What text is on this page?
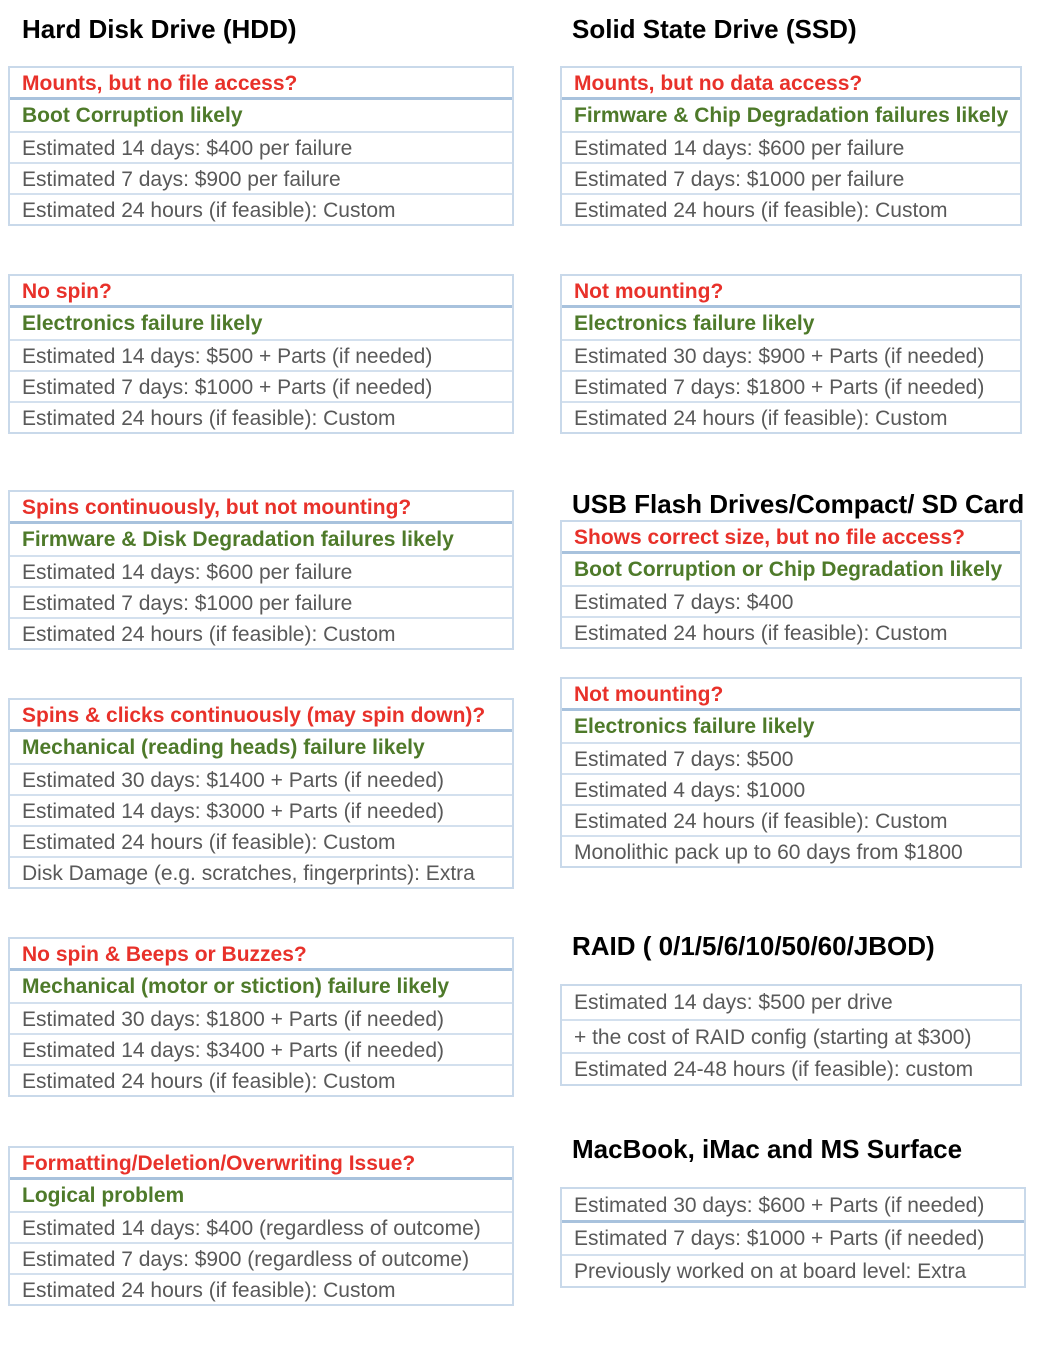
Hard Disk Drive (HDD)
Mounts, but no file access?
Boot Corruption likely
Estimated 14 days: $400 per failure
Estimated 7 days: $900 per failure
Estimated 24 hours (if feasible): Custom
No spin?
Electronics failure likely
Estimated 14 days: $500 + Parts (if needed)
Estimated 7 days: $1000 + Parts (if needed)
Estimated 24 hours (if feasible): Custom
Spins continuously, but not mounting?
Firmware & Disk Degradation failures likely
Estimated 14 days: $600 per failure
Estimated 7 days: $1000 per failure
Estimated 24 hours (if feasible): Custom
Spins & clicks continuously (may spin down)?
Mechanical (reading heads) failure likely
Estimated 30 days: $1400 + Parts (if needed)
Estimated 14 days: $3000 + Parts (if needed)
Estimated 24 hours (if feasible): Custom
Disk Damage (e.g. scratches, fingerprints): Extra
No spin & Beeps or Buzzes?
Mechanical (motor or stiction) failure likely
Estimated 30 days: $1800 + Parts (if needed)
Estimated 14 days: $3400 + Parts (if needed)
Estimated 24 hours (if feasible): Custom
Formatting/Deletion/Overwriting Issue?
Logical problem
Estimated 14 days: $400 (regardless of outcome)
Estimated 7 days: $900 (regardless of outcome)
Estimated 24 hours (if feasible): Custom
Solid State Drive (SSD)
Mounts, but no data access?
Firmware & Chip Degradation failures likely
Estimated 14 days: $600 per failure
Estimated 7 days: $1000 per failure
Estimated 24 hours (if feasible): Custom
Not mounting?
Electronics failure likely
Estimated 30 days: $900 + Parts (if needed)
Estimated 7 days: $1800 + Parts (if needed)
Estimated 24 hours (if feasible): Custom
USB Flash Drives/Compact/ SD Card
Shows correct size, but no file access?
Boot Corruption or Chip Degradation likely
Estimated 7 days: $400
Estimated 24 hours (if feasible): Custom
Not mounting?
Electronics failure likely
Estimated 7 days: $500
Estimated 4 days: $1000
Estimated 24 hours (if feasible): Custom
Monolithic pack up to 60 days from $1800
RAID ( 0/1/5/6/10/50/60/JBOD)
Estimated 14 days: $500 per drive
+ the cost of RAID config (starting at $300)
Estimated 24-48 hours (if feasible): custom
MacBook, iMac and MS Surface
Estimated 30 days: $600 + Parts (if needed)
Estimated 7 days: $1000 + Parts (if needed)
Previously worked on at board level: Extra
